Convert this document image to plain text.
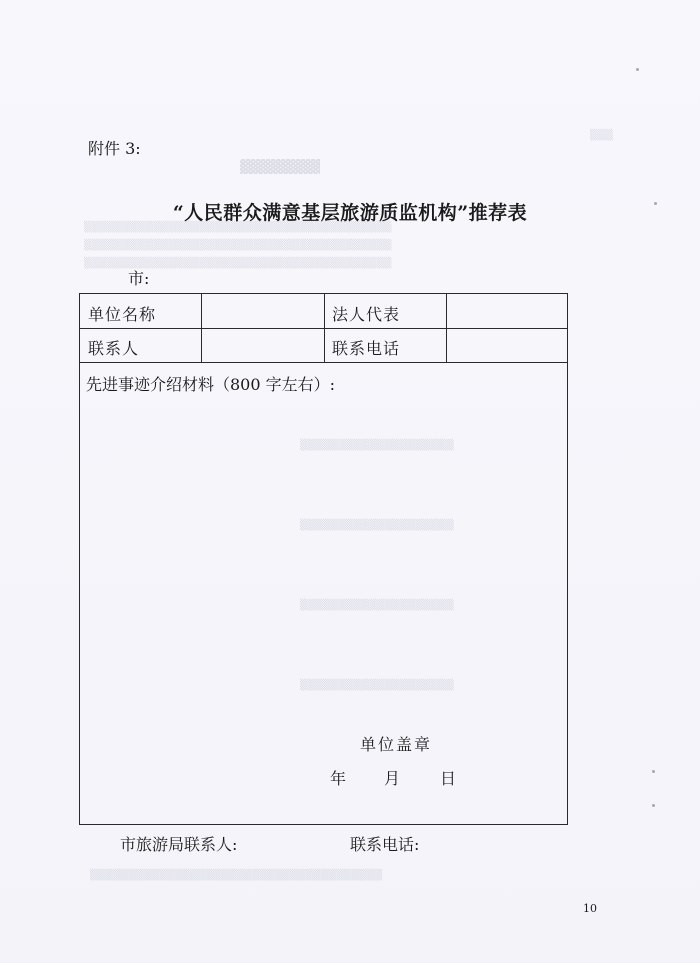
▓▓▓▓▓▓▓▓
▒▒▒▒▒▒▒▒▒▒▒▒▒▒▒▒▒▒▒▒▒▒▒▒▒▒▒▒▒▒▒▒▒▒▒▒▒▒▒▒
▒▒▒▒▒▒▒▒▒▒▒▒▒▒▒▒▒▒▒▒▒▒▒▒▒▒▒▒▒▒▒▒▒▒▒▒▒▒▒▒
▒▒▒▒▒▒▒▒▒▒▒▒▒▒▒▒▒▒▒▒▒▒▒▒▒▒▒▒▒▒▒▒▒▒▒▒▒▒▒▒
▒▒▒
▒▒▒▒▒▒▒▒▒▒▒▒▒▒▒▒▒▒▒▒
▒▒▒▒▒▒▒▒▒▒▒▒▒▒▒▒▒▒▒▒
▒▒▒▒▒▒▒▒▒▒▒▒▒▒▒▒▒▒▒▒
▒▒▒▒▒▒▒▒▒▒▒▒▒▒▒▒▒▒▒▒
▒▒▒▒▒▒▒▒▒▒▒▒▒▒▒▒▒▒▒▒▒▒▒▒▒▒▒▒▒▒▒▒▒▒▒▒▒▒
附件 3:
“人民群众满意基层旅游质监机构”推荐表
市:
单位名称	法人代表
联系人	联系电话
先进事迹介绍材料（800 字左右）:
单位盖章
年 月 日
市旅游局联系人:	联系电话:
10
